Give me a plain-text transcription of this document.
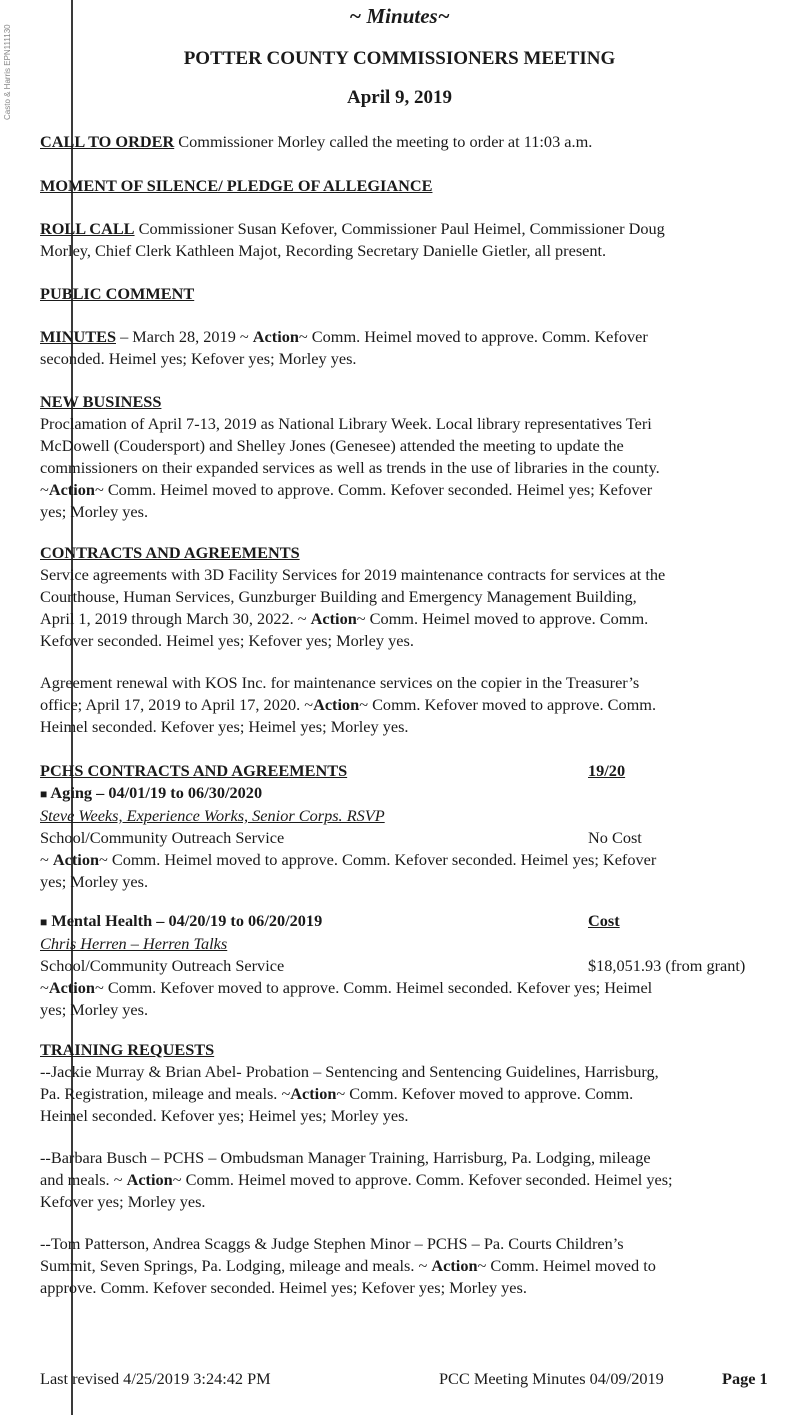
Casto & Harris EPN111130
~ Minutes~
POTTER COUNTY COMMISSIONERS MEETING
April 9, 2019
CALL TO ORDER Commissioner Morley called the meeting to order at 11:03 a.m.
MOMENT OF SILENCE/ PLEDGE OF ALLEGIANCE
ROLL CALL Commissioner Susan Kefover, Commissioner Paul Heimel, Commissioner Doug
Morley, Chief Clerk Kathleen Majot, Recording Secretary Danielle Gietler, all present.
PUBLIC COMMENT
MINUTES – March 28, 2019 ~ Action~ Comm. Heimel moved to approve. Comm. Kefover
seconded. Heimel yes; Kefover yes; Morley yes.
NEW BUSINESS
Proclamation of April 7-13, 2019 as National Library Week. Local library representatives Teri
McDowell (Coudersport) and Shelley Jones (Genesee) attended the meeting to update the
commissioners on their expanded services as well as trends in the use of libraries in the county.
~Action~ Comm. Heimel moved to approve. Comm. Kefover seconded. Heimel yes; Kefover
yes; Morley yes.
CONTRACTS AND AGREEMENTS
Service agreements with 3D Facility Services for 2019 maintenance contracts for services at the
Courthouse, Human Services, Gunzburger Building and Emergency Management Building,
April 1, 2019 through March 30, 2022. ~ Action~ Comm. Heimel moved to approve. Comm.
Kefover seconded. Heimel yes; Kefover yes; Morley yes.
Agreement renewal with KOS Inc. for maintenance services on the copier in the Treasurer’s
office; April 17, 2019 to April 17, 2020. ~Action~ Comm. Kefover moved to approve. Comm.
Heimel seconded. Kefover yes; Heimel yes; Morley yes.
PCHS CONTRACTS AND AGREEMENTS	19/20

■ Aging – 04/01/19 to 06/30/2020
Steve Weeks, Experience Works, Senior Corps. RSVP
School/Community Outreach Service	No Cost

~ Action~ Comm. Heimel moved to approve. Comm. Kefover seconded. Heimel yes; Kefover
yes; Morley yes.
■ Mental Health – 04/20/19 to 06/20/2019	Cost

Chris Herren – Herren Talks
School/Community Outreach Service	$18,051.93 (from grant)

~Action~ Comm. Kefover moved to approve. Comm. Heimel seconded. Kefover yes; Heimel
yes; Morley yes.
TRAINING REQUESTS
--Jackie Murray & Brian Abel- Probation – Sentencing and Sentencing Guidelines, Harrisburg,
Pa. Registration, mileage and meals. ~Action~ Comm. Kefover moved to approve. Comm.
Heimel seconded. Kefover yes; Heimel yes; Morley yes.
--Barbara Busch – PCHS – Ombudsman Manager Training, Harrisburg, Pa. Lodging, mileage
and meals. ~ Action~ Comm. Heimel moved to approve. Comm. Kefover seconded. Heimel yes;
Kefover yes; Morley yes.
--Tom Patterson, Andrea Scaggs & Judge Stephen Minor – PCHS – Pa. Courts Children’s
Summit, Seven Springs, Pa. Lodging, mileage and meals. ~ Action~ Comm. Heimel moved to
approve. Comm. Kefover seconded. Heimel yes; Kefover yes; Morley yes.
Last revised 4/25/2019 3:24:42 PM	PCC Meeting Minutes 04/09/2019	Page 1
